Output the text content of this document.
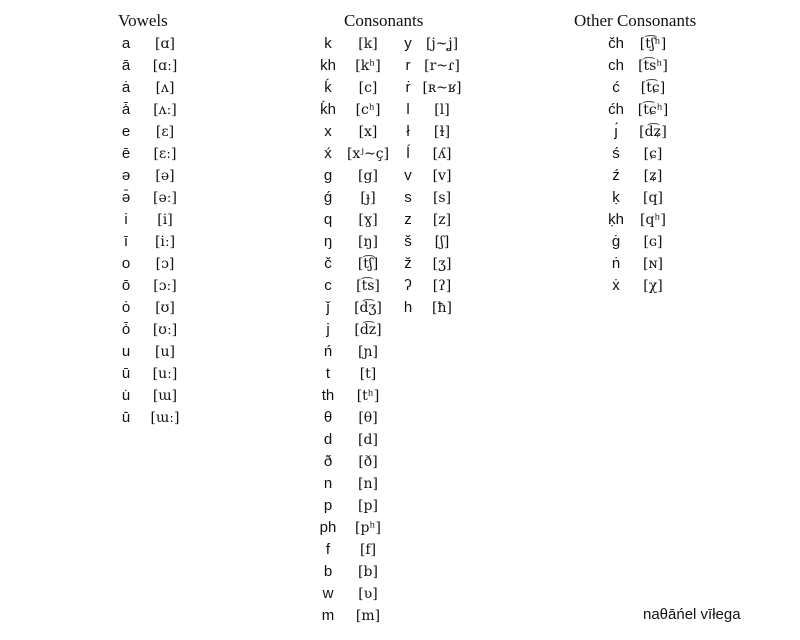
Vowels	Consonants	Other Consonants
a	[ɑ]
ā	[ɑː]
ȧ	[ʌ]
ǡ	[ʌː]
e	[ɛ]
ē	[ɛː]
ə	[ə]
ə̄	[əː]
i	[i]
ī	[iː]
o	[ɔ]
ō	[ɔː]
ȯ	[ʊ]
ȱ	[ʊː]
u	[u]
ū	[uː]
u̇	[ɯ]
ū̇	[ɯː]
k	[k]
kh	[kʰ]
ḱ	[c]
ḱh	[cʰ]
x	[x]
x́	[xʲ~ç]
g	[g]
ǵ	[ɟ]
q	[ɣ]
ŋ	[ŋ]
č	[t͡ʃ]
c	[t͡s]
ǰ	[d͡ʒ]
j	[d͡z]
ń	[ɲ]
t	[t]
th	[tʰ]
θ	[θ]
d	[d]
ð	[ð]
n	[n]
p	[p]
ph	[pʰ]
f	[f]
b	[b]
w	[ʋ]
m	[m]
y	[j~ʝ]
r [r~ɾ]
ṙ [ʀ~ʁ]
l	[l]
ł	[ɫ]
ĺ	[ʎ]
v	[v]
s	[s]
z	[z]
š	[ʃ]
ž	[ʒ]
ʔ	[ʔ]
h	[ħ]
čh	[t͡ʃʰ]
ch	[t͡sʰ]
ć	[t͡ɕ]
ćh [t͡ɕʰ]
ȷ́	[d͡ʑ]
ś	[ɕ]
ź	[ʑ]
ḳ	[q]
ḳh	[qʰ]
ġ	[ɢ]
ṅ	[ɴ]
ẋ	[χ]
naθāńel vīłega
